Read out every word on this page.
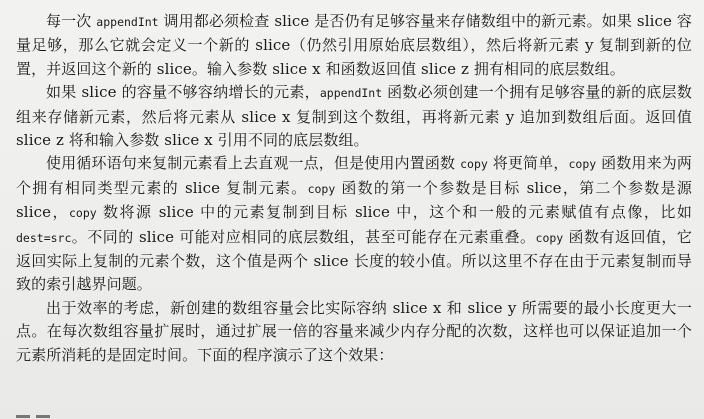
每一次 appendInt 调用都必须检查 slice 是否仍有足够容量来存储数组中的新元素。如果 slice 容量足够，那么它就会定义一个新的 slice（仍然引用原始底层数组），然后将新元素 y 复制到新的位置，并返回这个新的 slice。输入参数 slice x 和函数返回值 slice z 拥有相同的底层数组。

如果 slice 的容量不够容纳增长的元素，appendInt 函数必须创建一个拥有足够容量的新的底层数组来存储新元素，然后将元素从 slice x 复制到这个数组，再将新元素 y 追加到数组后面。返回值 slice z 将和输入参数 slice x 引用不同的底层数组。

使用循环语句来复制元素看上去直观一点，但是使用内置函数 copy 将更简单，copy 函数用来为两个拥有相同类型元素的 slice 复制元素。copy 函数的第一个参数是目标 slice，第二个参数是源 slice，copy 数将源 slice 中的元素复制到目标 slice 中，这个和一般的元素赋值有点像，比如 dest=src。不同的 slice 可能对应相同的底层数组，甚至可能存在元素重叠。copy 函数有返回值，它返回实际上复制的元素个数，这个值是两个 slice 长度的较小值。所以这里不存在由于元素复制而导致的索引越界问题。

出于效率的考虑，新创建的数组容量会比实际容纳 slice x 和 slice y 所需要的最小长度更大一点。在每次数组容量扩展时，通过扩展一倍的容量来减少内存分配的次数，这样也可以保证追加一个元素所消耗的是固定时间。下面的程序演示了这个效果：
